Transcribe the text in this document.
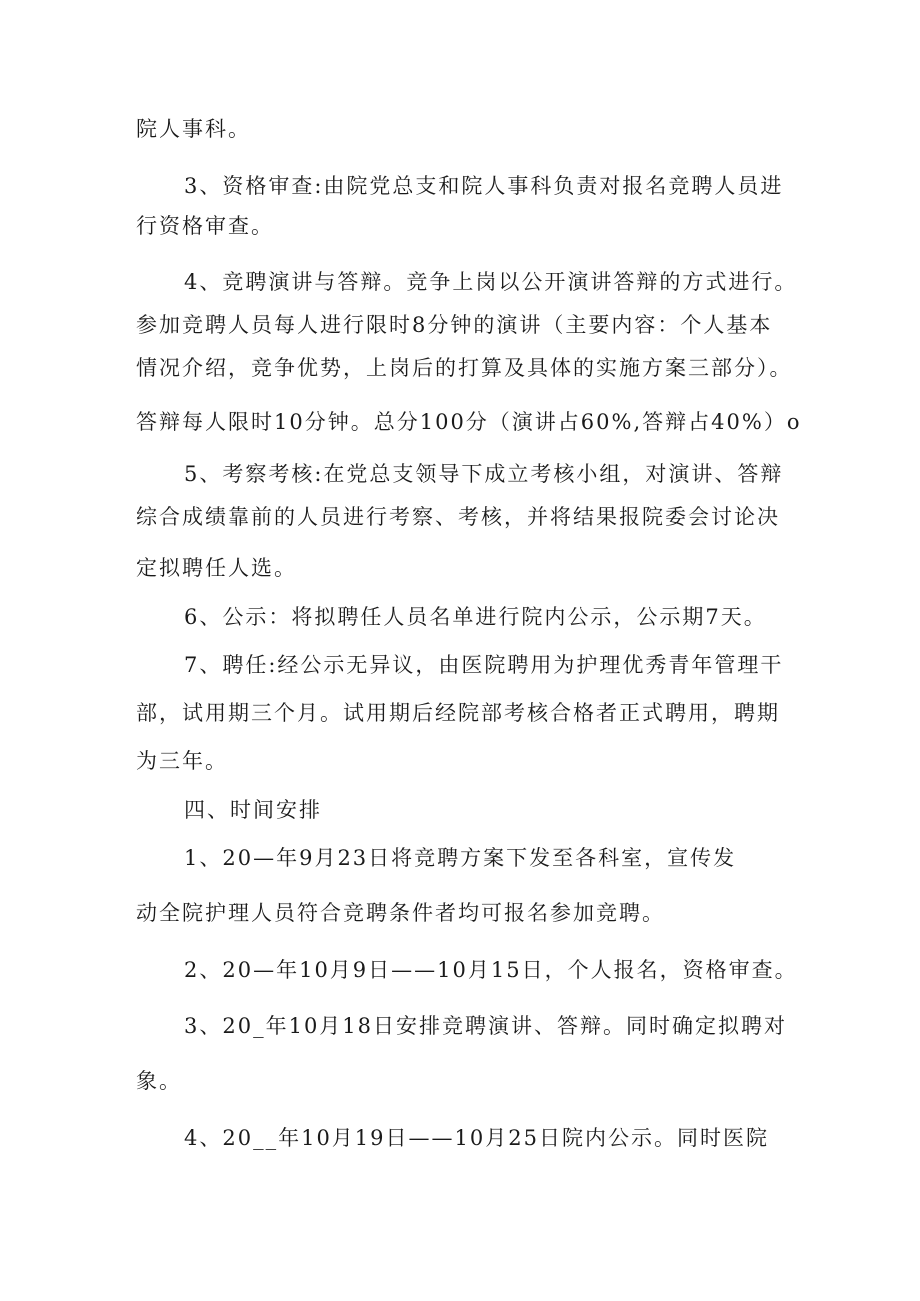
院人事科。
3、资格审查:由院党总支和院人事科负责对报名竞聘人员进
行资格审查。
4、竞聘演讲与答辩。竞争上岗以公开演讲答辩的方式进行。
参加竞聘人员每人进行限时8分钟的演讲（主要内容：个人基本
情况介绍，竞争优势，上岗后的打算及具体的实施方案三部分）。
答辩每人限时10分钟。总分100分（演讲占60%,答辩占40%）o
5、考察考核:在党总支领导下成立考核小组，对演讲、答辩
综合成绩靠前的人员进行考察、考核，并将结果报院委会讨论决
定拟聘任人选。
6、公示：将拟聘任人员名单进行院内公示，公示期7天。
7、聘任:经公示无异议，由医院聘用为护理优秀青年管理干
部，试用期三个月。试用期后经院部考核合格者正式聘用，聘期
为三年。
四、时间安排
1、20—年9月23日将竞聘方案下发至各科室，宣传发
动全院护理人员符合竞聘条件者均可报名参加竞聘。
2、20—年10月9日——10月15日，个人报名，资格审查。
3、20_年10月18日安排竞聘演讲、答辩。同时确定拟聘对
象。
4、20__年10月19日——10月25日院内公示。同时医院
